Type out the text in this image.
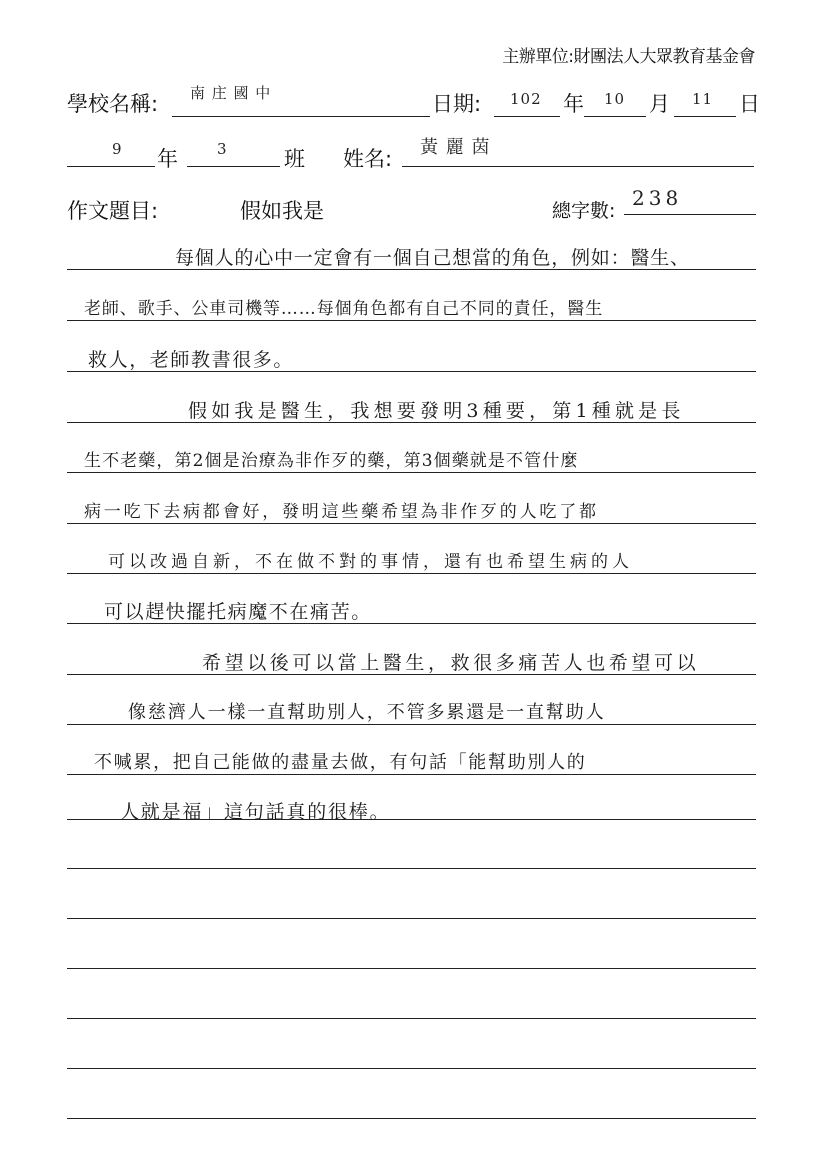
主辦單位:財團法人大眾教育基金會
學校名稱: 南 庄 國 中	日期: 102 年 10 月 11 日
9 年	3	班 姓名: 黃 麗 茵
作文題目:	假如我是	總字數:
238
每個人的心中一定會有一個自己想當的角色，例如：醫生、
老師、歌手、公車司機等……每個角色都有自己不同的責任，醫生
救人，老師教書很多。
假如我是醫生，我想要發明3種要，第1種就是長
生不老藥，第2個是治療為非作歹的藥，第3個藥就是不管什麼
病一吃下去病都會好，發明這些藥希望為非作歹的人吃了都
可以改過自新，不在做不對的事情，還有也希望生病的人
可以趕快擺托病魔不在痛苦。
希望以後可以當上醫生，救很多痛苦人也希望可以
像慈濟人一樣一直幫助別人，不管多累還是一直幫助人
不喊累，把自己能做的盡量去做，有句話「能幫助別人的
人就是福」這句話真的很棒。
